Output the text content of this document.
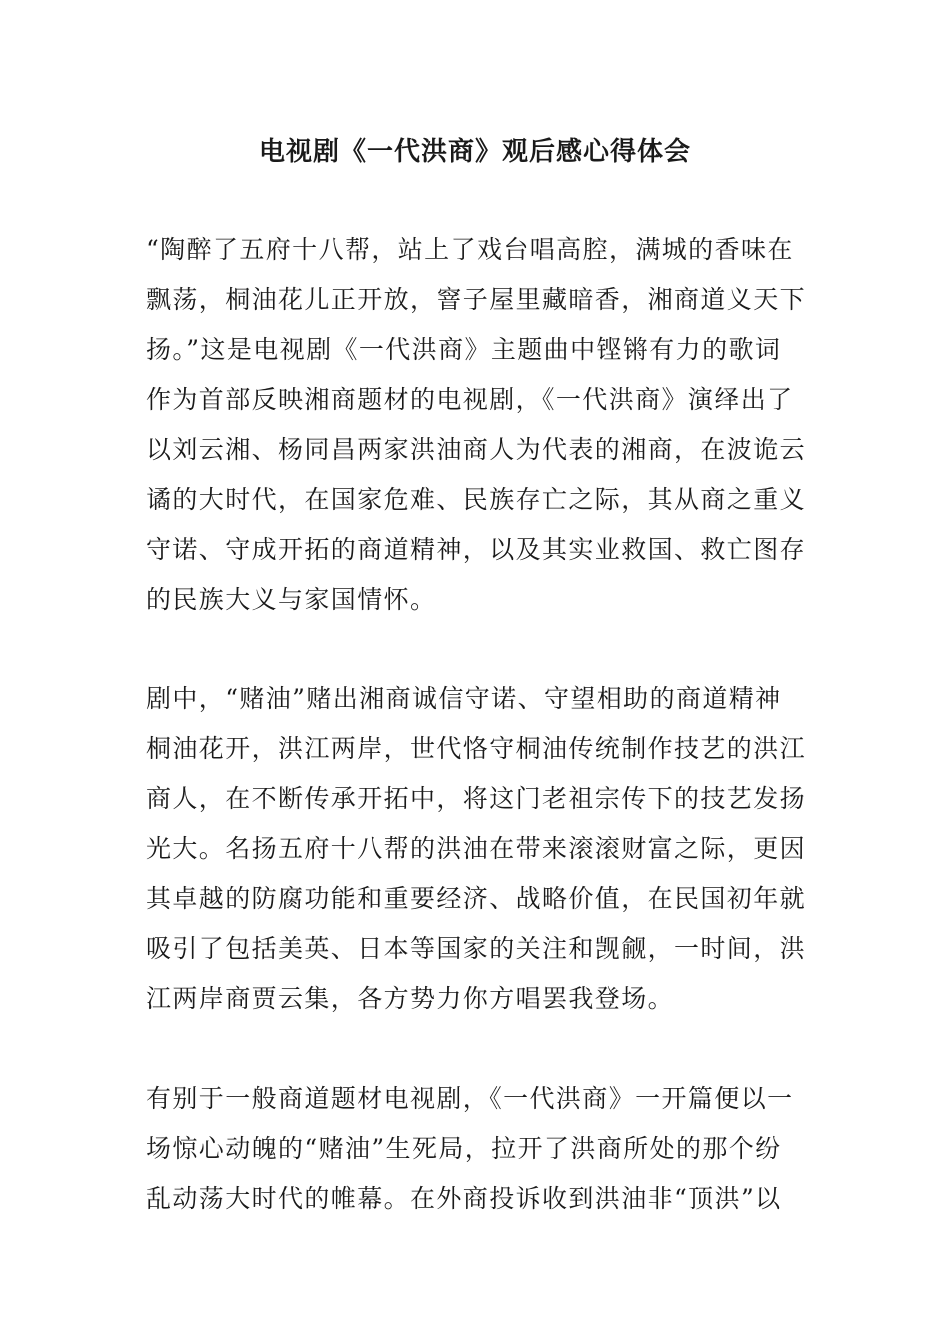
电视剧《一代洪商》观后感心得体会
“陶醉了五府十八帮，站上了戏台唱高腔，满城的香味在
飘荡，桐油花儿正开放，窨子屋里藏暗香，湘商道义天下
扬。”这是电视剧《一代洪商》主题曲中铿锵有力的歌词
作为首部反映湘商题材的电视剧，《一代洪商》演绎出了
以刘云湘、杨同昌两家洪油商人为代表的湘商，在波诡云
谲的大时代，在国家危难、民族存亡之际，其从商之重义
守诺、守成开拓的商道精神，以及其实业救国、救亡图存
的民族大义与家国情怀。
剧中，“赌油”赌出湘商诚信守诺、守望相助的商道精神
桐油花开，洪江两岸，世代恪守桐油传统制作技艺的洪江
商人，在不断传承开拓中，将这门老祖宗传下的技艺发扬
光大。名扬五府十八帮的洪油在带来滚滚财富之际，更因
其卓越的防腐功能和重要经济、战略价值，在民国初年就
吸引了包括美英、日本等国家的关注和觊觎，一时间，洪
江两岸商贾云集，各方势力你方唱罢我登场。
有别于一般商道题材电视剧，《一代洪商》一开篇便以一
场惊心动魄的“赌油”生死局，拉开了洪商所处的那个纷
乱动荡大时代的帷幕。在外商投诉收到洪油非“顶洪”以
